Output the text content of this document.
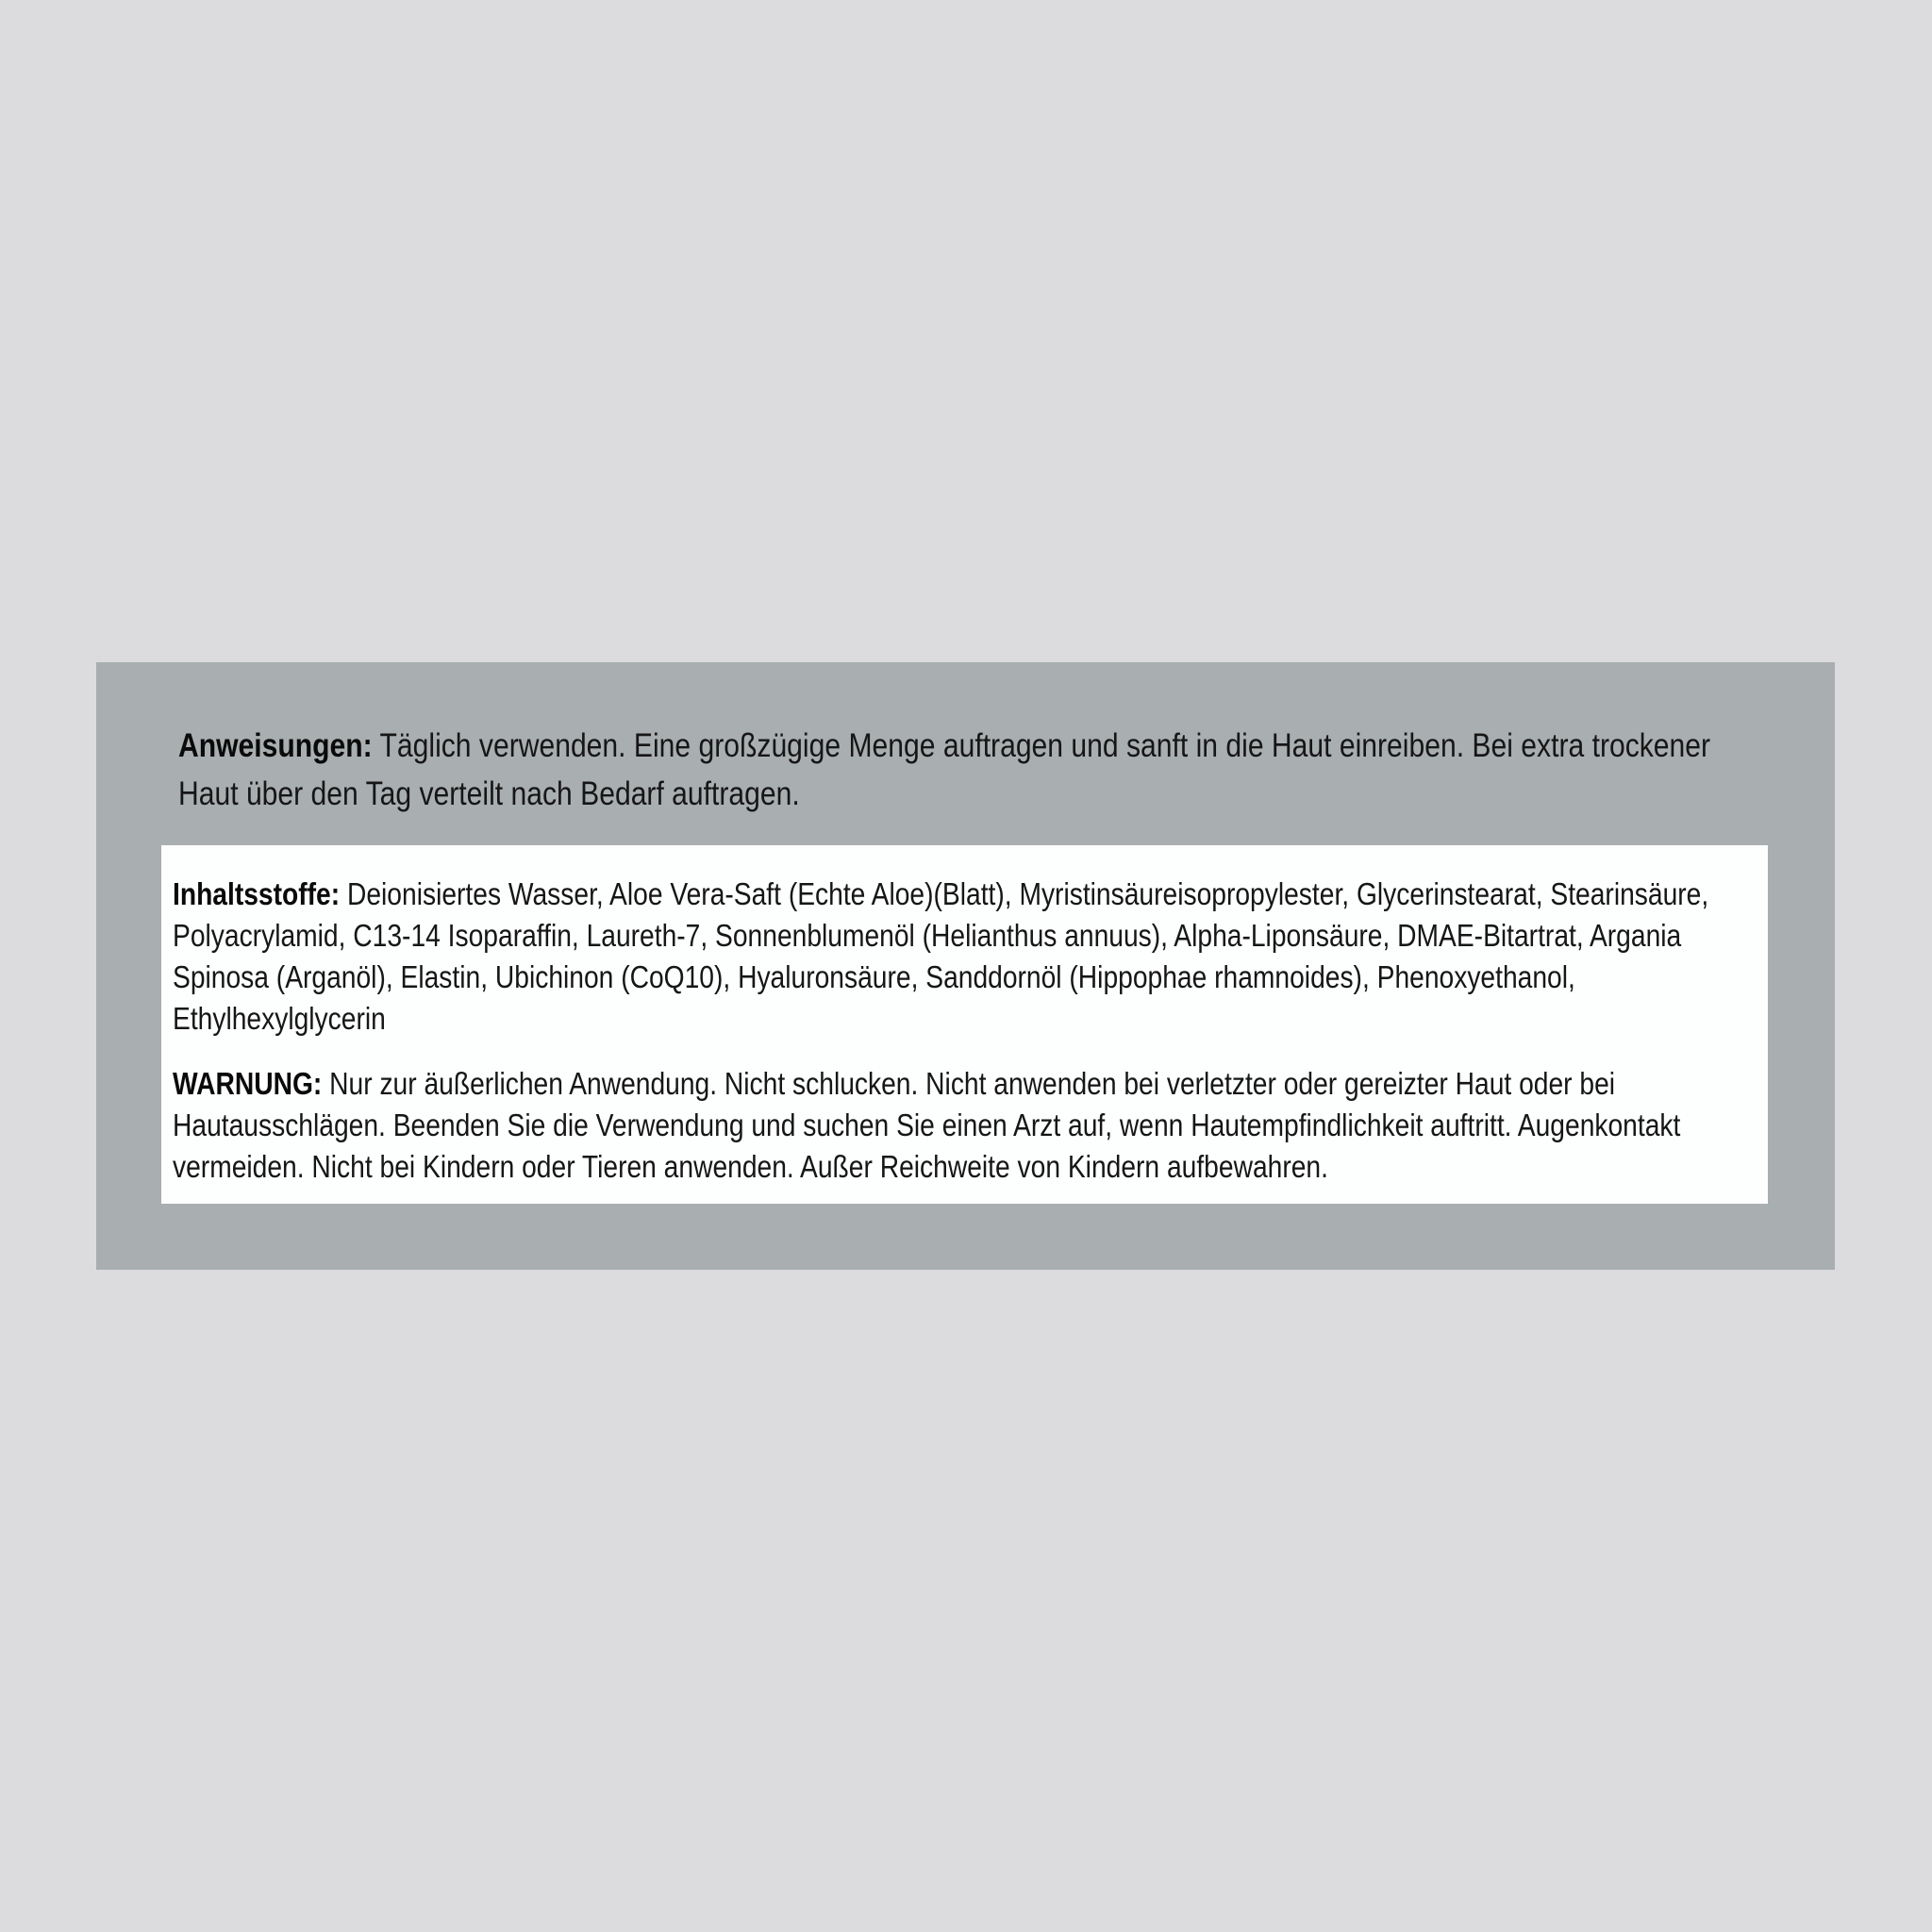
Anweisungen: Täglich verwenden. Eine großzügige Menge auftragen und sanft in die Haut einreiben. Bei extra trockener Haut über den Tag verteilt nach Bedarf auftragen.
Inhaltsstoffe: Deionisiertes Wasser, Aloe Vera-Saft (Echte Aloe)(Blatt), Myristinsäureisopropylester, Glycerinstearat, Stearinsäure, Polyacrylamid, C13-14 Isoparaffin, Laureth-7, Sonnenblumenöl (Helianthus annuus), Alpha-Liponsäure, DMAE-Bitartrat, Argania Spinosa (Arganöl), Elastin, Ubichinon (CoQ10), Hyaluronsäure, Sanddornöl (Hippophae rhamnoides), Phenoxyethanol, Ethylhexylglycerin
WARNUNG: Nur zur äußerlichen Anwendung. Nicht schlucken. Nicht anwenden bei verletzter oder gereizter Haut oder bei Hautausschlägen. Beenden Sie die Verwendung und suchen Sie einen Arzt auf, wenn Hautempfindlichkeit auftritt. Augenkontakt vermeiden. Nicht bei Kindern oder Tieren anwenden. Außer Reichweite von Kindern aufbewahren.
